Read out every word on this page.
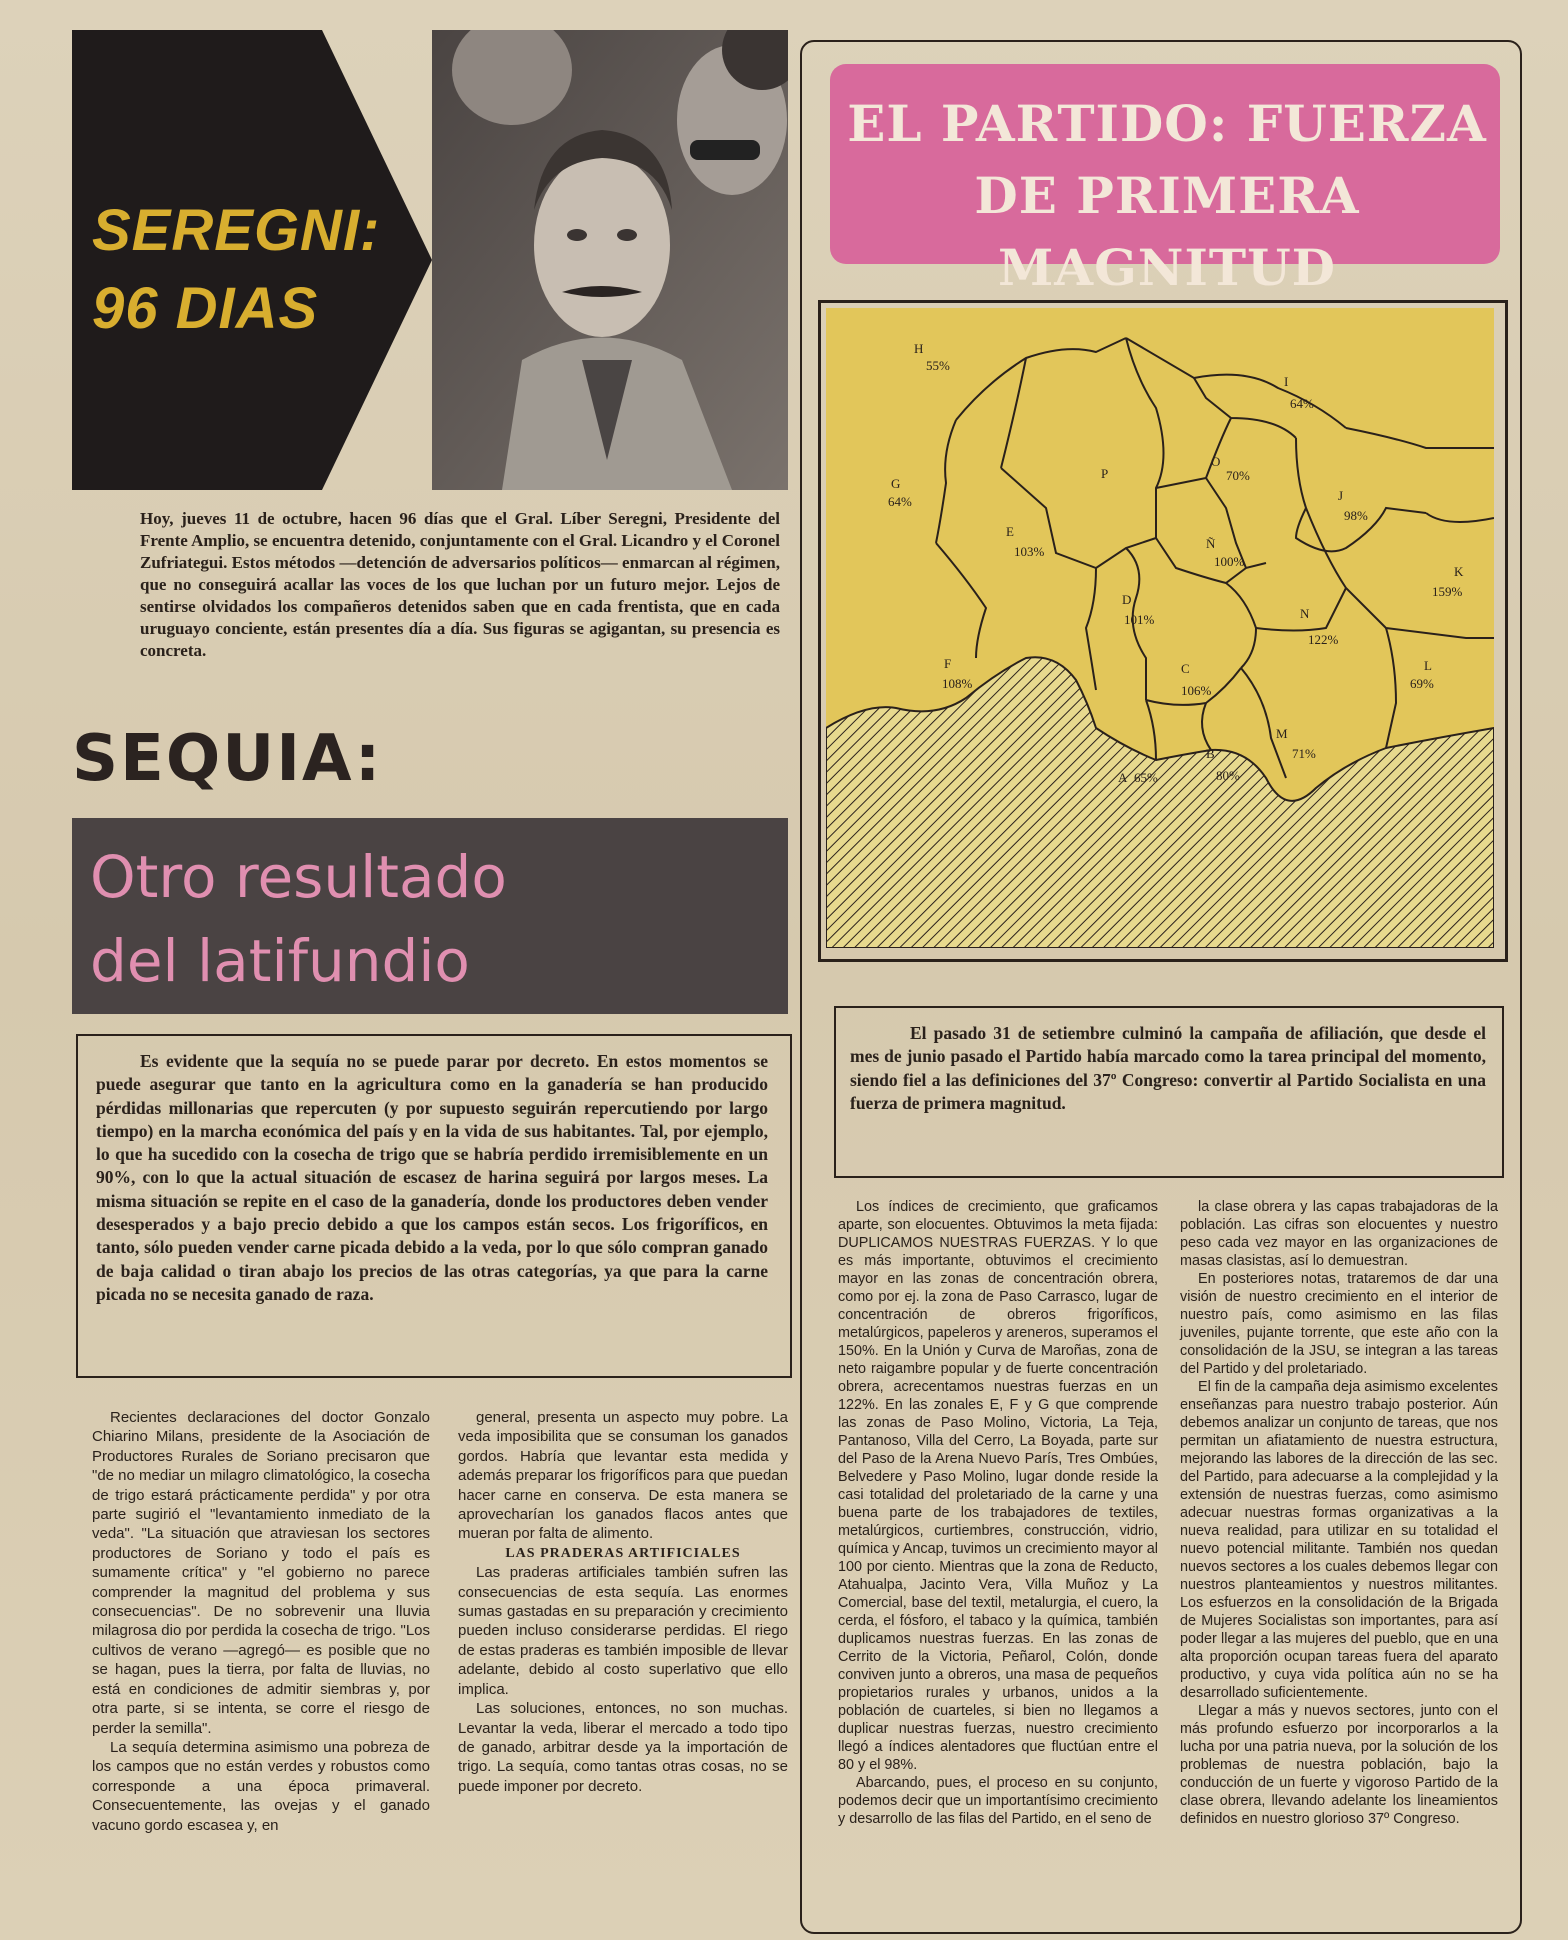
SEREGNI:
96 DIAS
Hoy, jueves 11 de octubre, hacen 96 días que el Gral. Líber Seregni, Presidente del Frente Amplio, se encuentra detenido, conjuntamente con el Gral. Licandro y el Coronel Zufriategui. Estos métodos —detención de adversarios políticos— enmarcan al régimen, que no conseguirá acallar las voces de los que luchan por un futuro mejor. Lejos de sentirse olvidados los compañeros detenidos saben que en cada frentista, que en cada uruguayo conciente, están presentes día a día. Sus figuras se agigantan, su presencia es concreta.
SEQUIA:
Otro resultado
del latifundio
Es evidente que la sequía no se puede parar por decreto. En estos momentos se puede asegurar que tanto en la agricultura como en la ganadería se han producido pérdidas millonarias que repercuten (y por supuesto seguirán repercutiendo por largo tiempo) en la marcha económica del país y en la vida de sus habitantes. Tal, por ejemplo, lo que ha sucedido con la cosecha de trigo que se habría perdido irremisiblemente en un 90%, con lo que la actual situación de escasez de harina seguirá por largos meses. La misma situación se repite en el caso de la ganadería, donde los productores deben vender desesperados y a bajo precio debido a que los campos están secos. Los frigoríficos, en tanto, sólo pueden vender carne picada debido a la veda, por lo que sólo compran ganado de baja calidad o tiran abajo los precios de las otras categorías, ya que para la carne picada no se necesita ganado de raza.

Recientes declaraciones del doctor Gonzalo Chiarino Milans, presidente de la Asociación de Productores Rurales de Soriano precisaron que "de no mediar un milagro climatológico, la cosecha de trigo estará prácticamente perdida" y por otra parte sugirió el "levantamiento inmediato de la veda". "La situación que atraviesan los sectores productores de Soriano y todo el país es sumamente crítica" y "el gobierno no parece comprender la magnitud del problema y sus consecuencias". De no sobrevenir una lluvia milagrosa dio por perdida la cosecha de trigo. "Los cultivos de verano —agregó— es posible que no se hagan, pues la tierra, por falta de lluvias, no está en condiciones de admitir siembras y, por otra parte, si se intenta, se corre el riesgo de perder la semilla".

La sequía determina asimismo una pobreza de los campos que no están verdes y robustos como corresponde a una época primaveral. Consecuentemente, las ovejas y el ganado vacuno gordo escasea y, en

general, presenta un aspecto muy pobre. La veda imposibilita que se consuman los ganados gordos. Habría que levantar esta medida y además preparar los frigoríficos para que puedan hacer carne en conserva. De esta manera se aprovecharían los ganados flacos antes que mueran por falta de alimento.

LAS PRADERAS ARTIFICIALES

Las praderas artificiales también sufren las consecuencias de esta sequía. Las enormes sumas gastadas en su preparación y crecimiento pueden incluso considerarse perdidas. El riego de estas praderas es también imposible de llevar adelante, debido al costo superlativo que ello implica.

Las soluciones, entonces, no son muchas. Levantar la veda, liberar el mercado a todo tipo de ganado, arbitrar desde ya la importación de trigo. La sequía, como tantas otras cosas, no se puede imponer por decreto.

EL PARTIDO: FUERZA
DE PRIMERA MAGNITUD
H
55%
I
64%
O
70%
P
G
64%
E
103%
J
98%
Ñ
100%
K
159%
D
101%	N
122%
F
108%
C
106%
L
69%
M
71%
B
80%
A 65%
El pasado 31 de setiembre culminó la campaña de afiliación, que desde el mes de junio pasado el Partido había marcado como la tarea principal del momento, siendo fiel a las definiciones del 37º Congreso: convertir al Partido Socialista en una fuerza de primera magnitud.

Los índices de crecimiento, que graficamos aparte, son elocuentes. Obtuvimos la meta fijada: DUPLICAMOS NUESTRAS FUERZAS. Y lo que es más importante, obtuvimos el crecimiento mayor en las zonas de concentración obrera, como por ej. la zona de Paso Carrasco, lugar de concentración de obreros frigoríficos, metalúrgicos, papeleros y areneros, superamos el 150%. En la Unión y Curva de Maroñas, zona de neto raigambre popular y de fuerte concentración obrera, acrecentamos nuestras fuerzas en un 122%. En las zonales E, F y G que comprende las zonas de Paso Molino, Victoria, La Teja, Pantanoso, Villa del Cerro, La Boyada, parte sur del Paso de la Arena Nuevo París, Tres Ombúes, Belvedere y Paso Molino, lugar donde reside la casi totalidad del proletariado de la carne y una buena parte de los trabajadores de textiles, metalúrgicos, curtiembres, construcción, vidrio, química y Ancap, tuvimos un crecimiento mayor al 100 por ciento. Mientras que la zona de Reducto, Atahualpa, Jacinto Vera, Villa Muñoz y La Comercial, base del textil, metalurgia, el cuero, la cerda, el fósforo, el tabaco y la química, también duplicamos nuestras fuerzas. En las zonas de Cerrito de la Victoria, Peñarol, Colón, donde conviven junto a obreros, una masa de pequeños propietarios rurales y urbanos, unidos a la población de cuarteles, si bien no llegamos a duplicar nuestras fuerzas, nuestro crecimiento llegó a índices alentadores que fluctúan entre el 80 y el 98%.

Abarcando, pues, el proceso en su conjunto, podemos decir que un importantísimo crecimiento y desarrollo de las filas del Partido, en el seno de

la clase obrera y las capas trabajadoras de la población. Las cifras son elocuentes y nuestro peso cada vez mayor en las organizaciones de masas clasistas, así lo demuestran.

En posteriores notas, trataremos de dar una visión de nuestro crecimiento en el interior de nuestro país, como asimismo en las filas juveniles, pujante torrente, que este año con la consolidación de la JSU, se integran a las tareas del Partido y del proletariado.

El fin de la campaña deja asimismo excelentes enseñanzas para nuestro trabajo posterior. Aún debemos analizar un conjunto de tareas, que nos permitan un afiatamiento de nuestra estructura, mejorando las labores de la dirección de las sec. del Partido, para adecuarse a la complejidad y la extensión de nuestras fuerzas, como asimismo adecuar nuestras formas organizativas a la nueva realidad, para utilizar en su totalidad el nuevo potencial militante. También nos quedan nuevos sectores a los cuales debemos llegar con nuestros planteamientos y nuestros militantes. Los esfuerzos en la consolidación de la Brigada de Mujeres Socialistas son importantes, para así poder llegar a las mujeres del pueblo, que en una alta proporción ocupan tareas fuera del aparato productivo, y cuya vida política aún no se ha desarrollado suficientemente.

Llegar a más y nuevos sectores, junto con el más profundo esfuerzo por incorporarlos a la lucha por una patria nueva, por la solución de los problemas de nuestra población, bajo la conducción de un fuerte y vigoroso Partido de la clase obrera, llevando adelante los lineamientos definidos en nuestro glorioso 37º Congreso.
